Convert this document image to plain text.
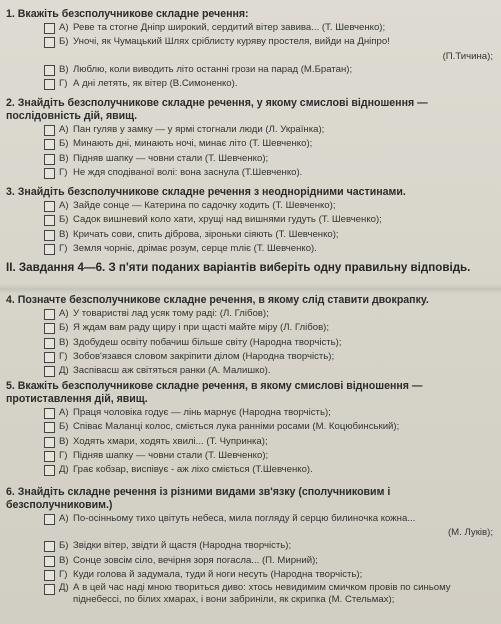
1. Вкажіть безсполучникове складне речення:
А) Реве та стогне Дніпр широкий, сердитий вітер завива... (Т. Шевченко);
Б) Уночі, як Чумацький Шлях сріблисту куряву простеля, вийди на Дніпро!
(П.Тичина);
В) Люблю, коли виводить літо останні грози на парад (М.Братан);
Г) А дні летять, як вітер (В.Симоненко).
2. Знайдіть безсполучникове складне речення, у якому смислові відношення — послідовність дій, явищ.
А) Пан гуляв у замку — у ярмі стогнали люди (Л. Українка);
Б) Минають дні, минають ночі, минає літо (Т. Шевченко);
В) Підняв шапку — човни стали (Т. Шевченко);
Г) Не ждя сподіваної волі: вона заснула (Т.Шевченко).
3. Знайдіть безсполучникове складне речення з неоднорідними частинами.
А) Зайде сонце — Катерина по садочку ходить (Т. Шевченко);
Б) Садок вишневий коло хати, хрущі над вишнями гудуть (Т. Шевченко);
В) Кричать сови, спить діброва, зіроньки сіяють (Т. Шевченко);
Г) Земля чорніє, дрімає розум, серце mліє (Т. Шевченко).
II. Завдання 4—6. З п'яти поданих варіантів виберіть одну правильну відповідь.
4. Позначте безсполучникове складне речення, в якому слід ставити двокрапку.
А) У товаристві лад усяк тому раді: (Л. Глібов);
Б) Я ждам вам раду щиру і при щасті майте міру (Л. Глібов);
В) Здобудеш освіту побачиш більше світу (Народна творчість);
Г) Зобов'язався словом закріпити ділом (Народна творчість);
Д) Заспівасш аж світяться ранки (А. Малишко).
5. Вкажіть безсполучникове складне речення, в якому смислові відношення — протиставлення дій, явищ.
А) Праця чоловіка годує — лінь марнує (Народна творчість);
Б) Співає Маланці колос, сміється лука ранніми росами (М. Коцюбинський);
В) Ходять хмари, ходять хвилі... (Т. Чупринка);
Г) Підняв шапку — човни стали (Т. Шевченко);
Д) Грає кобзар, виспівує - аж ліхо сміється (Т.Шевченко).
6. Знайдіть складне речення із різними видами зв'язку (сполучниковим і безсполучниковим.)
А) По-осінньому тихо цвітуть небеса, мила погляду й серцю билиночка кожна...
(М. Луків);
Б) Звідки вітер, звідти й щастя (Народна творчість);
В) Сонце зовсім сіло, вечірня зоря погасла... (П. Мирний);
Г) Куди голова й задумала, туди й ноги несуть (Народна творчість);
Д) А в цей час наді мною твориться диво: хтось невидимим смичком провів по синьому піднебессі, по білих хмарах, і вони забриніли, як скрипка (М. Стельмах);
